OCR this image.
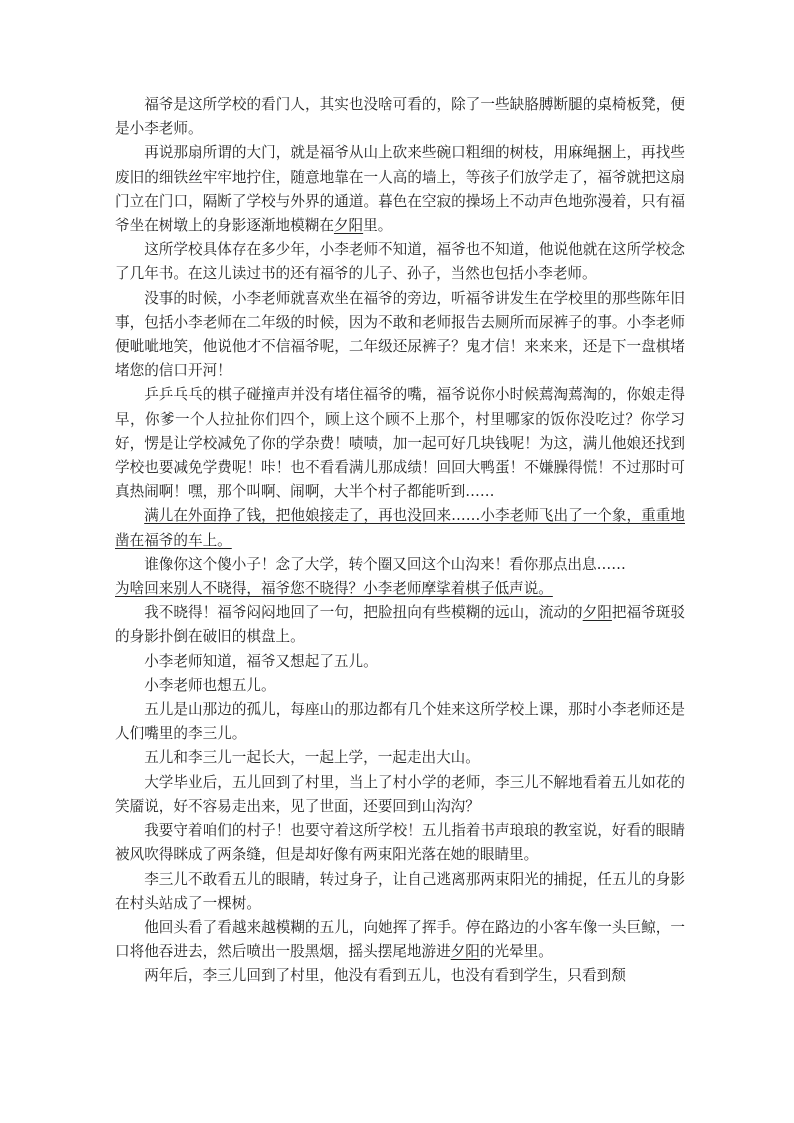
福爷是这所学校的看门人，其实也没啥可看的，除了一些缺胳膊断腿的桌椅板凳，便是小李老师。

再说那扇所谓的大门，就是福爷从山上砍来些碗口粗细的树枝，用麻绳捆上，再找些废旧的细铁丝牢牢地拧住，随意地靠在一人高的墙上，等孩子们放学走了，福爷就把这扇门立在门口，隔断了学校与外界的通道。暮色在空寂的操场上不动声色地弥漫着，只有福爷坐在树墩上的身影逐渐地模糊在夕阳里。

这所学校具体存在多少年，小李老师不知道，福爷也不知道，他说他就在这所学校念了几年书。在这儿读过书的还有福爷的儿子、孙子，当然也包括小李老师。

没事的时候，小李老师就喜欢坐在福爷的旁边，听福爷讲发生在学校里的那些陈年旧事，包括小李老师在二年级的时候，因为不敢和老师报告去厕所而尿裤子的事。小李老师便呲呲地笑，他说他才不信福爷呢，二年级还尿裤子？鬼才信！来来来，还是下一盘棋堵堵您的信口开河！

乒乒乓乓的棋子碰撞声并没有堵住福爷的嘴，福爷说你小时候蔫淘蔫淘的，你娘走得早，你爹一个人拉扯你们四个，顾上这个顾不上那个，村里哪家的饭你没吃过？你学习好，愣是让学校减免了你的学杂费！啧啧，加一起可好几块钱呢！为这，满儿他娘还找到学校也要减免学费呢！咔！也不看看满儿那成绩！回回大鸭蛋！不嫌臊得慌！不过那时可真热闹啊！嘿，那个叫啊、闹啊，大半个村子都能听到……

满儿在外面挣了钱，把他娘接走了，再也没回来……小李老师飞出了一个象，重重地凿在福爷的车上。

谁像你这个傻小子！念了大学，转个圈又回这个山沟来！看你那点出息……

为啥回来别人不晓得，福爷您不晓得？小李老师摩挲着棋子低声说。

我不晓得！福爷闷闷地回了一句，把脸扭向有些模糊的远山，流动的夕阳把福爷斑驳的身影扑倒在破旧的棋盘上。

小李老师知道，福爷又想起了五儿。

小李老师也想五儿。

五儿是山那边的孤儿，每座山的那边都有几个娃来这所学校上课，那时小李老师还是人们嘴里的李三儿。

五儿和李三儿一起长大，一起上学，一起走出大山。

大学毕业后，五儿回到了村里，当上了村小学的老师，李三儿不解地看着五儿如花的笑靥说，好不容易走出来，见了世面，还要回到山沟沟？

我要守着咱们的村子！也要守着这所学校！五儿指着书声琅琅的教室说，好看的眼睛被风吹得眯成了两条缝，但是却好像有两束阳光落在她的眼睛里。

李三儿不敢看五儿的眼睛，转过身子，让自己逃离那两束阳光的捕捉，任五儿的身影在村头站成了一棵树。

他回头看了看越来越模糊的五儿，向她挥了挥手。停在路边的小客车像一头巨鲸，一口将他吞进去，然后喷出一股黑烟，摇头摆尾地游进夕阳的光晕里。

两年后，李三儿回到了村里，他没有看到五儿，也没有看到学生，只看到颓
